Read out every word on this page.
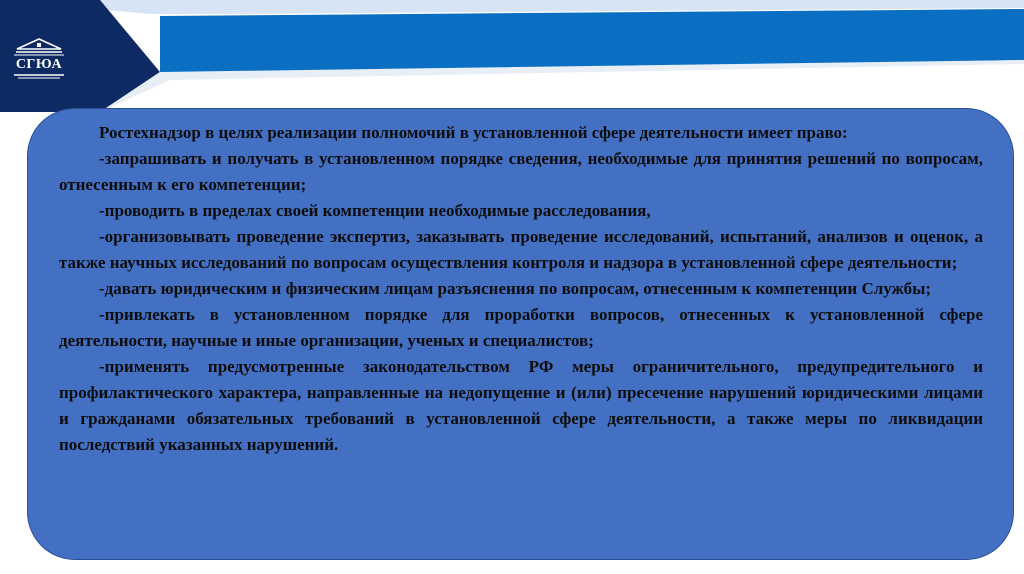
СГЮА

Ростехнадзор в целях реализации полномочий в установленной сфере деятельности имеет право:

-запрашивать и получать в установленном порядке сведения, необходимые для принятия решений по вопросам, отнесенным к его компетенции;

-проводить в пределах своей компетенции необходимые расследования,

-организовывать проведение экспертиз, заказывать проведение исследований, испытаний, анализов и оценок, а также научных исследований по вопросам осуществления контроля и надзора в установленной сфере деятельности;

-давать юридическим и физическим лицам разъяснения по вопросам, отнесенным к компетенции Службы;

-привлекать в установленном порядке для проработки вопросов, отнесенных к установленной сфере деятельности, научные и иные организации, ученых и специалистов;

-применять предусмотренные законодательством РФ меры ограничительного, предупредительного и профилактического характера, направленные на недопущение и (или) пресечение нарушений юридическими лицами и гражданами обязательных требований в установленной сфере деятельности, а также меры по ликвидации последствий указанных нарушений.
